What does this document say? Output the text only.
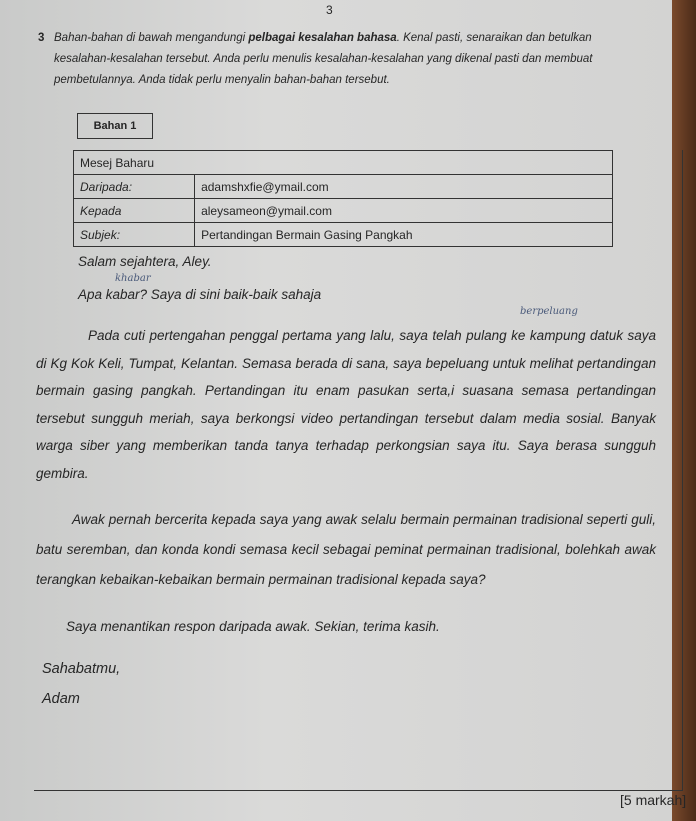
3
3 Bahan-bahan di bawah mengandungi pelbagai kesalahan bahasa. Kenal pasti, senaraikan dan betulkan kesalahan-kesalahan tersebut. Anda perlu menulis kesalahan-kesalahan yang dikenal pasti dan membuat pembetulannya. Anda tidak perlu menyalin bahan-bahan tersebut.

Bahan 1
Mesej Baharu	
Daripada:	adamshxfie@ymail.com
Kepada	aleysameon@ymail.com
Subjek:	Pertandingan Bermain Gasing Pangkah
Salam sejahtera, Aley.
khabar
Apa kabar? Saya di sini baik-baik sahaja
berpeluang

Pada cuti pertengahan penggal pertama yang lalu, saya telah pulang ke kampung datuk saya di Kg Kok Keli, Tumpat, Kelantan. Semasa berada di sana, saya bepeluang untuk melihat pertandingan bermain gasing pangkah. Pertandingan itu enam pasukan serta,i suasana semasa pertandingan tersebut sungguh meriah, saya berkongsi video pertandingan tersebut dalam media sosial. Banyak warga siber yang memberikan tanda tanya terhadap perkongsian saya itu. Saya berasa sungguh gembira.

Awak pernah bercerita kepada saya yang awak selalu bermain permainan tradisional seperti guli, batu seremban, dan konda kondi semasa kecil sebagai peminat permainan tradisional, bolehkah awak terangkan kebaikan-kebaikan bermain permainan tradisional kepada saya?

Saya menantikan respon daripada awak. Sekian, terima kasih.

Sahabatmu,

Adam

[5 markah]
